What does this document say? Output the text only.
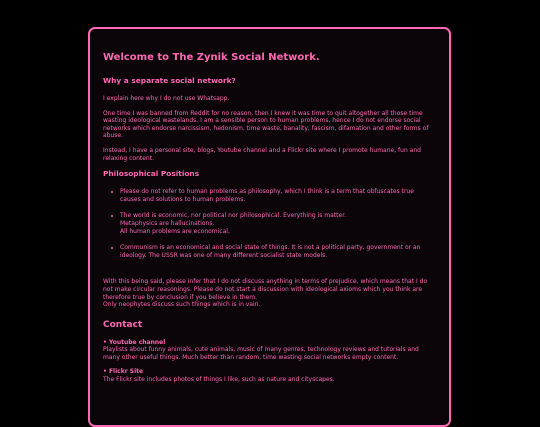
Welcome to The Zynik Social Network.
Why a separate social network?

I explain here why I do not use Whatsapp.

One time I was banned from Reddit for no reason, then I knew it was time to quit altogether all those time wasting ideological wastelands. I am a sensible person to human problems, hence I do not endorse social networks which endorse narcissism, hedonism, time waste, banality, fascism, difamation and other forms of abuse.

Instead, I have a personal site, blogs, Youtube channel and a Flickr site where I promote humane, fun and relaxing content.

Philosophical Positions
Please do not refer to human problems as philosophy, which I think is a term that obfuscates true causes and solutions to human problems.
The world is economic, nor political nor philosophical. Everything is matter.
Metaphysics are hallucinations.
All human problems are economical.
Communism is an economical and social state of things. It is not a political party, government or an ideology. The USSR was one of many different socialist state models.

With this being said, please infer that I do not discuss anything in terms of prejudice, which means that I do not make circular reasonings. Please do not start a discussion with ideological axioms which you think are therefore true by conclusion if you believe in them.
Only neophytes discuss such things which is in vain.

Contact
• Youtube channel
Playlists about funny animals, cute animals, music of many genres, technology reviews and tutorials and many other useful things. Much better than random, time wasting social networks empty content.
• Flickr Site
The Flickr site includes photos of things I like, such as nature and cityscapes.
